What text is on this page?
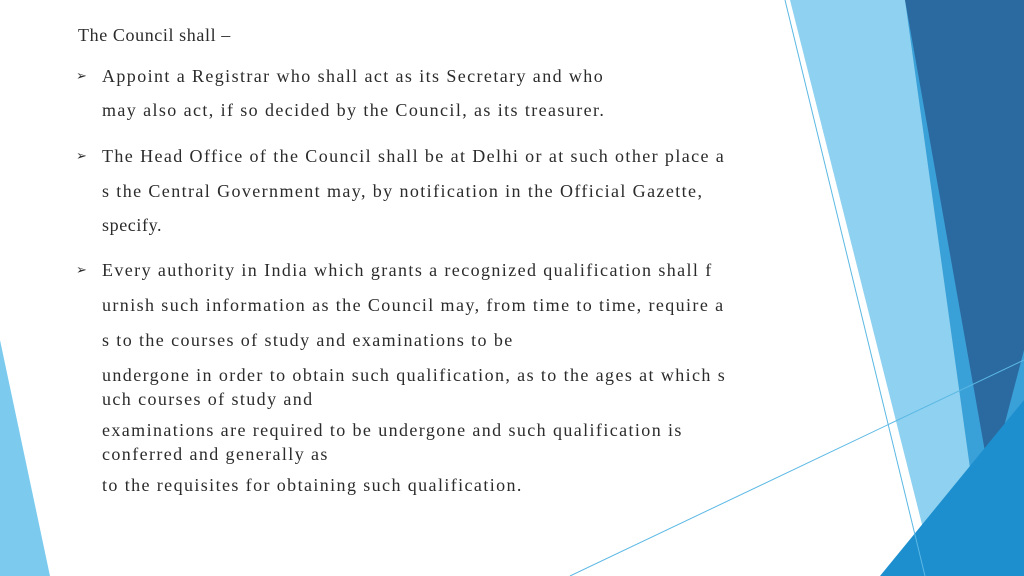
The Council shall –
➢ Appoint a Registrar who shall act as its Secretary and who
may also act, if so decided by the Council, as its treasurer.
➢ The Head Office of the Council shall be at Delhi or at such other place a
s the Central Government may, by notification in the Official Gazette,
specify.
➢ Every authority in India which grants a recognized qualification shall f
urnish such information as the Council may, from time to time, require a
s to the courses of study and examinations to be
undergone in order to obtain such qualification, as to the ages at which s
uch courses of study and
examinations are required to be undergone and such qualification is
conferred and generally as
to the requisites for obtaining such qualification.
